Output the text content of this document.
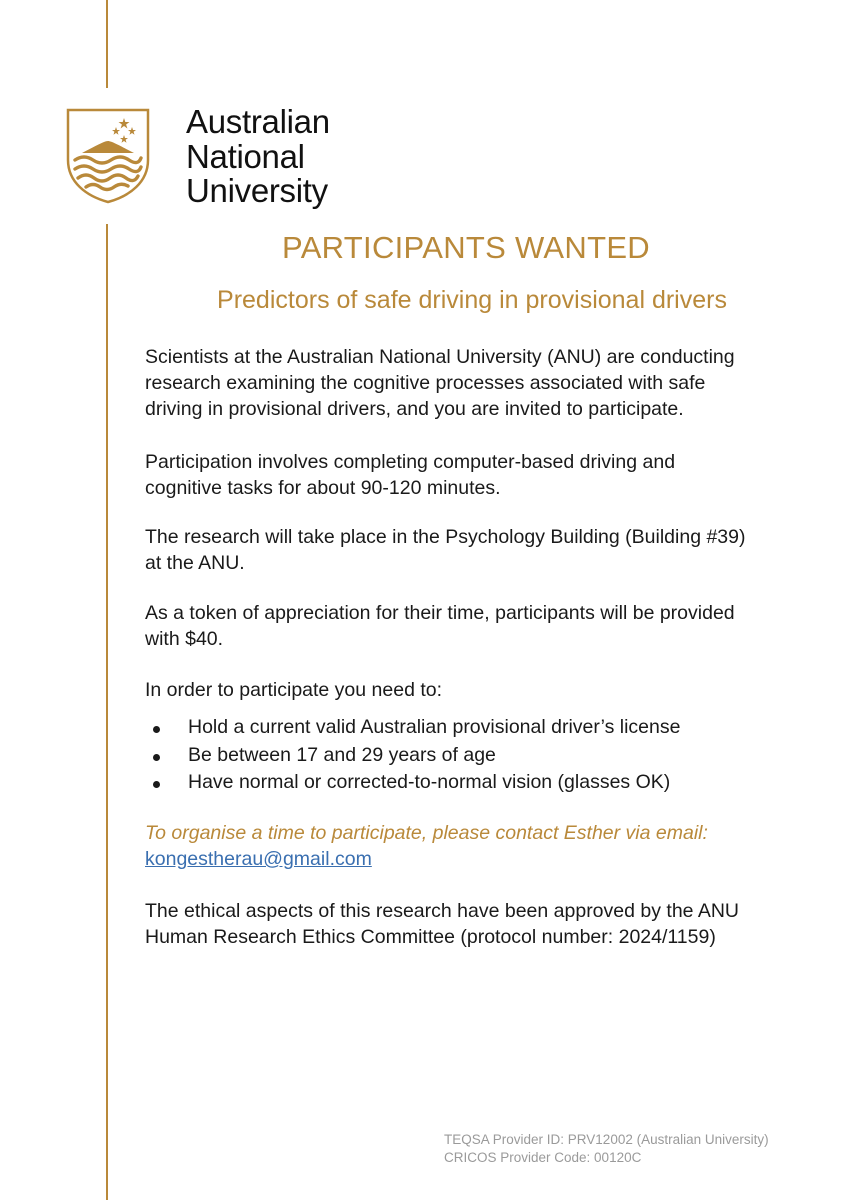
Australian
National
University
PARTICIPANTS WANTED
Predictors of safe driving in provisional drivers

Scientists at the Australian National University (ANU) are conducting

research examining the cognitive processes associated with safe

driving in provisional drivers, and you are invited to participate.

Participation involves completing computer-based driving and

cognitive tasks for about 90-120 minutes.

The research will take place in the Psychology Building (Building #39)

at the ANU.

As a token of appreciation for their time, participants will be provided

with $40.

In order to participate you need to:

Hold a current valid Australian provisional driver’s license
Be between 17 and 29 years of age
Have normal or corrected-to-normal vision (glasses OK)
To organise a time to participate, please contact Esther via email:
kongestherau@gmail.com

The ethical aspects of this research have been approved by the ANU

Human Research Ethics Committee (protocol number: 2024/1159)

TEQSA Provider ID: PRV12002 (Australian University)
CRICOS Provider Code: 00120C
